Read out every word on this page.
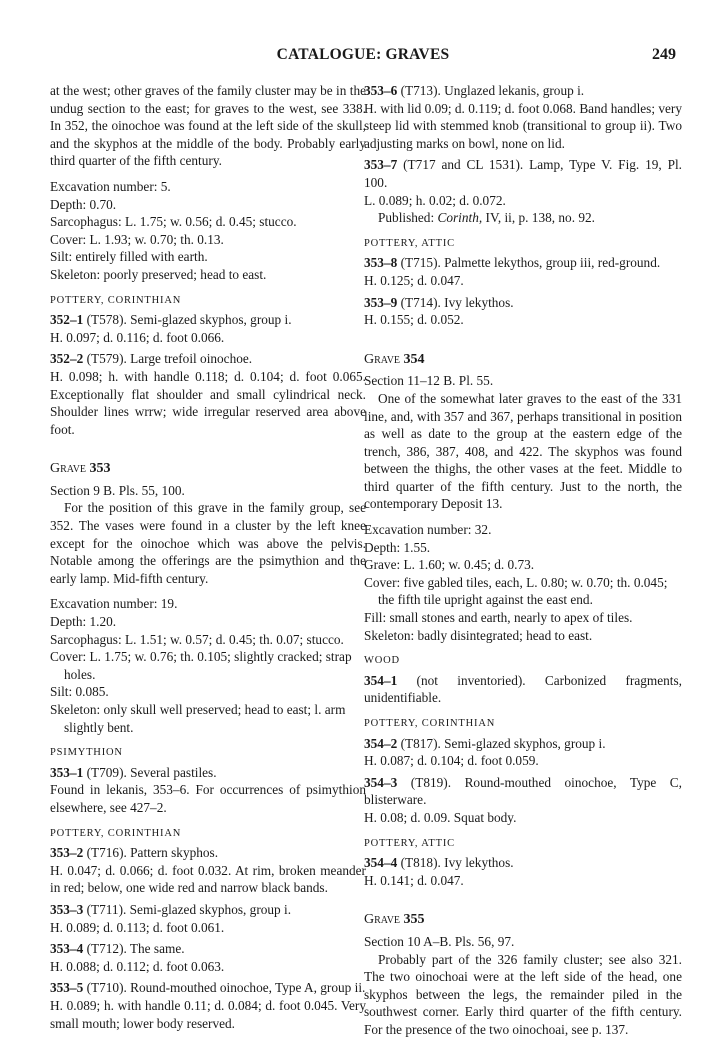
CATALOGUE: GRAVES	249

at the west; other graves of the family cluster may be in the undug section to the east; for graves to the west, see 338. In 352, the oinochoe was found at the left side of the skull, and the skyphos at the middle of the body. Probably early third quarter of the fifth century.

Excavation number: 5.

Depth: 0.70.

Sarcophagus: L. 1.75; w. 0.56; d. 0.45; stucco.

Cover: L. 1.93; w. 0.70; th. 0.13.

Silt: entirely filled with earth.

Skeleton: poorly preserved; head to east.

POTTERY, CORINTHIAN

352–1 (T578). Semi-glazed skyphos, group i.

H. 0.097; d. 0.116; d. foot 0.066.

352–2 (T579). Large trefoil oinochoe.

H. 0.098; h. with handle 0.118; d. 0.104; d. foot 0.065. Exceptionally flat shoulder and small cylindrical neck. Shoulder lines wrrw; wide irregular reserved area above foot.

Grave 353

Section 9 B. Pls. 55, 100.

For the position of this grave in the family group, see 352. The vases were found in a cluster by the left knee except for the oinochoe which was above the pelvis. Notable among the offerings are the psimythion and the early lamp. Mid-fifth century.

Excavation number: 19.

Depth: 1.20.

Sarcophagus: L. 1.51; w. 0.57; d. 0.45; th. 0.07; stucco.

Cover: L. 1.75; w. 0.76; th. 0.105; slightly cracked; strap holes.

Silt: 0.085.

Skeleton: only skull well preserved; head to east; l. arm slightly bent.

PSIMYTHION

353–1 (T709). Several pastiles.

Found in lekanis, 353–6. For occurrences of psimythion elsewhere, see 427–2.

POTTERY, CORINTHIAN

353–2 (T716). Pattern skyphos.

H. 0.047; d. 0.066; d. foot 0.032. At rim, broken meander in red; below, one wide red and narrow black bands.

353–3 (T711). Semi-glazed skyphos, group i.

H. 0.089; d. 0.113; d. foot 0.061.

353–4 (T712). The same.

H. 0.088; d. 0.112; d. foot 0.063.

353–5 (T710). Round-mouthed oinochoe, Type A, group ii.

H. 0.089; h. with handle 0.11; d. 0.084; d. foot 0.045. Very small mouth; lower body reserved.

353–6 (T713). Unglazed lekanis, group i.

H. with lid 0.09; d. 0.119; d. foot 0.068. Band handles; very steep lid with stemmed knob (transitional to group ii). Two adjusting marks on bowl, none on lid.

353–7 (T717 and CL 1531). Lamp, Type V. Fig. 19, Pl. 100.

L. 0.089; h. 0.02; d. 0.072.

Published: Corinth, IV, ii, p. 138, no. 92.

POTTERY, ATTIC

353–8 (T715). Palmette lekythos, group iii, red-ground.

H. 0.125; d. 0.047.

353–9 (T714). Ivy lekythos.

H. 0.155; d. 0.052.

Grave 354

Section 11–12 B. Pl. 55.

One of the somewhat later graves to the east of the 331 line, and, with 357 and 367, perhaps transitional in position as well as date to the group at the eastern edge of the trench, 386, 387, 408, and 422. The skyphos was found between the thighs, the other vases at the feet. Middle to third quarter of the fifth century. Just to the north, the contemporary Deposit 13.

Excavation number: 32.

Depth: 1.55.

Grave: L. 1.60; w. 0.45; d. 0.73.

Cover: five gabled tiles, each, L. 0.80; w. 0.70; th. 0.045; the fifth tile upright against the east end.

Fill: small stones and earth, nearly to apex of tiles.

Skeleton: badly disintegrated; head to east.

WOOD

354–1 (not inventoried). Carbonized fragments, unidentifiable.

POTTERY, CORINTHIAN

354–2 (T817). Semi-glazed skyphos, group i.

H. 0.087; d. 0.104; d. foot 0.059.

354–3 (T819). Round-mouthed oinochoe, Type C, blisterware.

H. 0.08; d. 0.09. Squat body.

POTTERY, ATTIC

354–4 (T818). Ivy lekythos.

H. 0.141; d. 0.047.

Grave 355

Section 10 A–B. Pls. 56, 97.

Probably part of the 326 family cluster; see also 321. The two oinochoai were at the left side of the head, one skyphos between the legs, the remainder piled in the southwest corner. Early third quarter of the fifth century. For the presence of the two oinochoai, see p. 137.
